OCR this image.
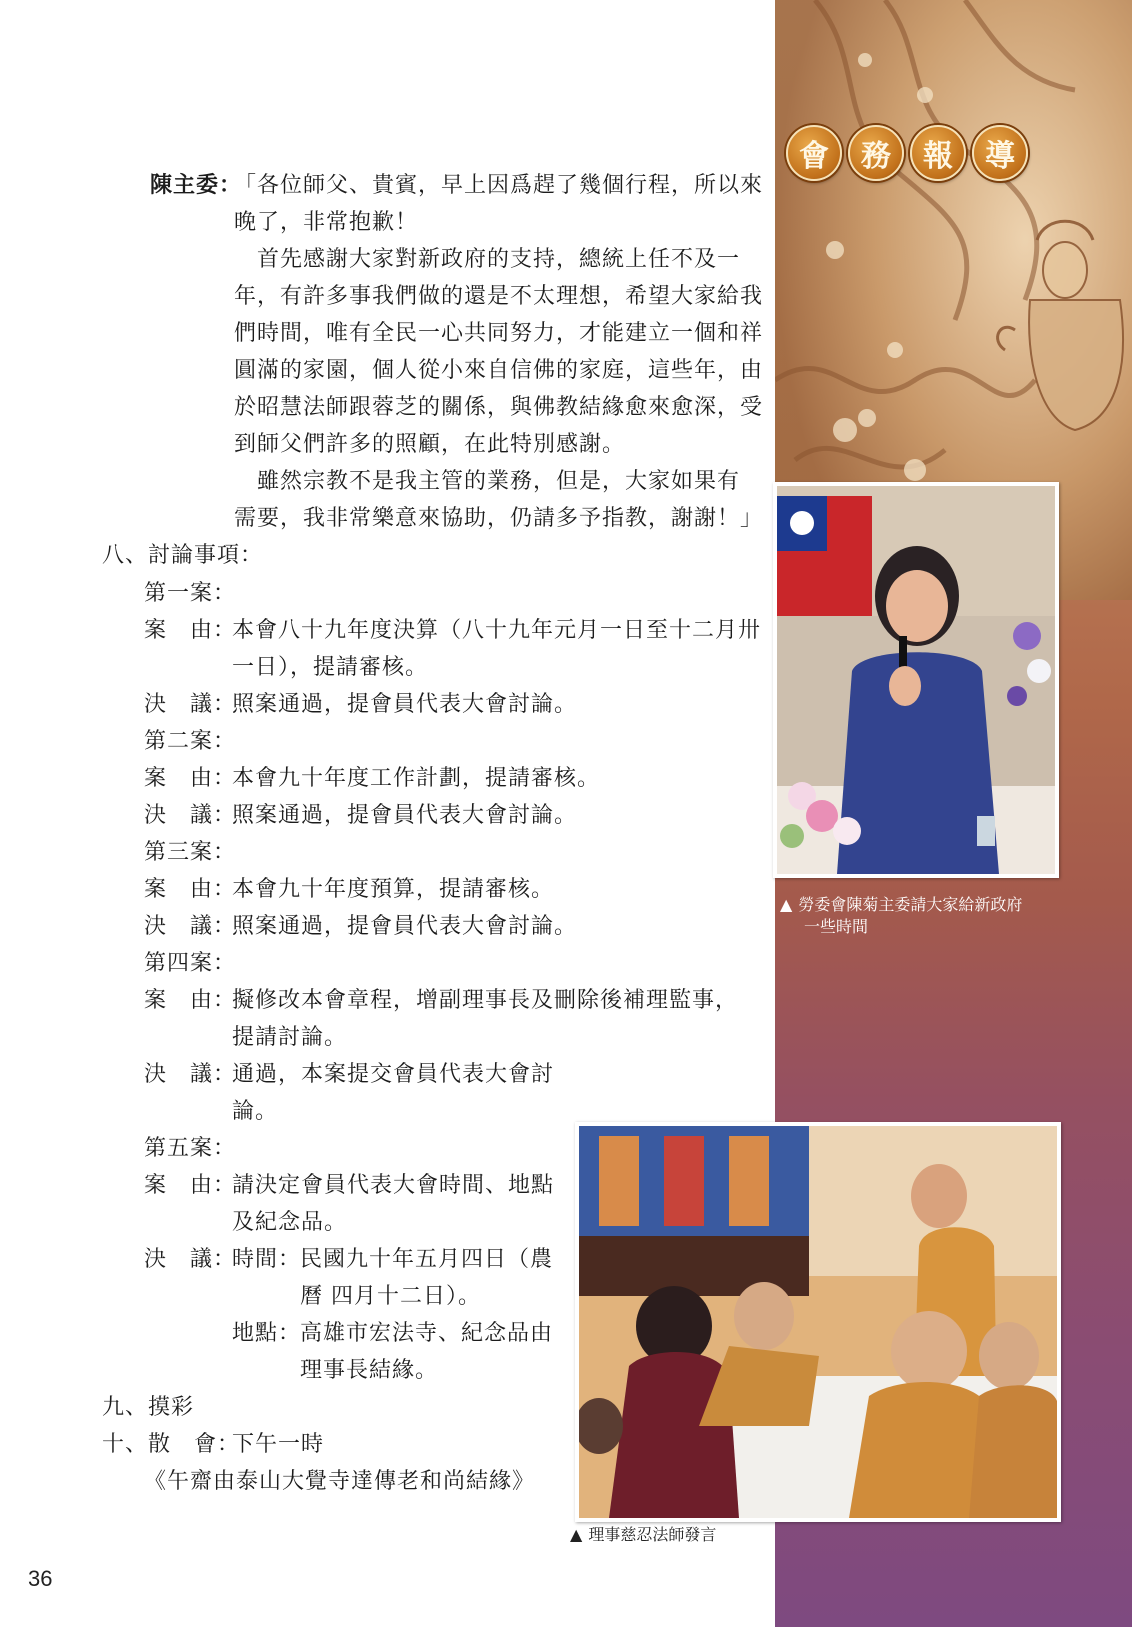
會	務	報	導
▲ 勞委會陳菊主委請大家給新政府
一些時間
▲ 理事慈忍法師發言
陳主委：
「各位師父、貴賓，早上因爲趕了幾個行程，所以來
晚了，非常抱歉！
　首先感謝大家對新政府的支持，總統上任不及一
年，有許多事我們做的還是不太理想，希望大家給我
們時間，唯有全民一心共同努力，才能建立一個和祥
圓滿的家園，個人從小來自信佛的家庭，這些年，由
於昭慧法師跟蓉芝的關係，與佛教結緣愈來愈深，受
到師父們許多的照顧，在此特別感謝。
　雖然宗教不是我主管的業務，但是，大家如果有
需要，我非常樂意來協助，仍請多予指教，謝謝！」
八、討論事項：
第一案：
案　由：
本會八十九年度決算（八十九年元月一日至十二月卅
一日），提請審核。
決　議：
照案通過，提會員代表大會討論。
第二案：
案　由：
本會九十年度工作計劃，提請審核。
決　議：
照案通過，提會員代表大會討論。
第三案：
案　由：
本會九十年度預算，提請審核。
決　議：
照案通過，提會員代表大會討論。
第四案：
案　由：
擬修改本會章程，增副理事長及刪除後補理監事，
提請討論。
決　議：
通過，本案提交會員代表大會討
論。
第五案：
案　由：
請決定會員代表大會時間、地點
及紀念品。
決　議：
時間：
民國九十年五月四日（農
曆 四月十二日）。
地點：
高雄市宏法寺、紀念品由
理事長結緣。
九、摸彩
十、散　會：
下午一時
《午齋由泰山大覺寺達傳老和尚結緣》
36
